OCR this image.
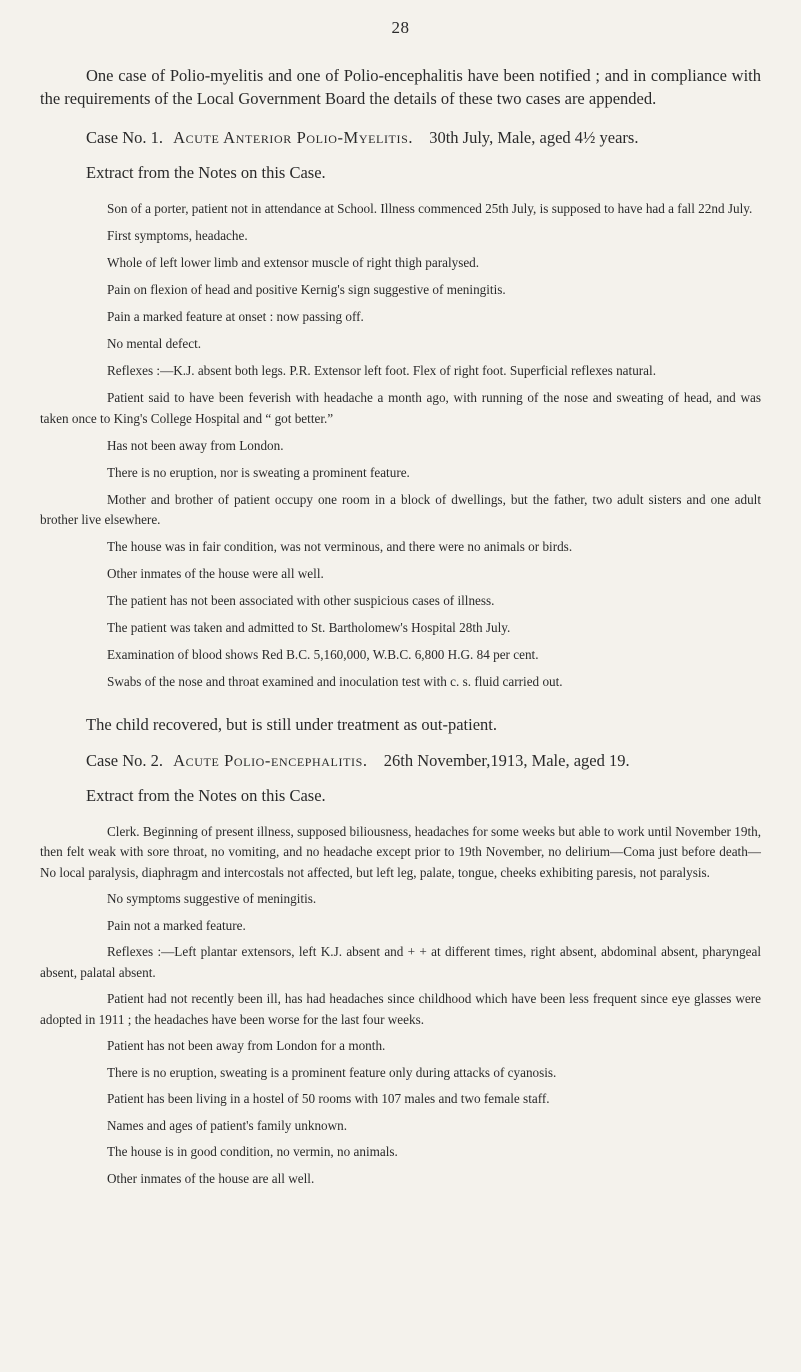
28

One case of Polio-myelitis and one of Polio-encephalitis have been notified ; and in compliance with the requirements of the Local Government Board the details of these two cases are appended.

Case No. 1. Acute Anterior Polio-Myelitis. 30th July, Male, aged 4½ years.
Extract from the Notes on this Case.

Son of a porter, patient not in attendance at School. Illness commenced 25th July, is supposed to have had a fall 22nd July.

First symptoms, headache.

Whole of left lower limb and extensor muscle of right thigh paralysed.

Pain on flexion of head and positive Kernig's sign suggestive of meningitis.

Pain a marked feature at onset : now passing off.

No mental defect.

Reflexes :—K.J. absent both legs. P.R. Extensor left foot. Flex of right foot. Superficial reflexes natural.

Patient said to have been feverish with headache a month ago, with running of the nose and sweating of head, and was taken once to King's College Hospital and “ got better.”

Has not been away from London.

There is no eruption, nor is sweating a prominent feature.

Mother and brother of patient occupy one room in a block of dwellings, but the father, two adult sisters and one adult brother live elsewhere.

The house was in fair condition, was not verminous, and there were no animals or birds.

Other inmates of the house were all well.

The patient has not been associated with other suspicious cases of illness.

The patient was taken and admitted to St. Bartholomew's Hospital 28th July.

Examination of blood shows Red B.C. 5,160,000, W.B.C. 6,800 H.G. 84 per cent.

Swabs of the nose and throat examined and inoculation test with c. s. fluid carried out.

The child recovered, but is still under treatment as out-patient.
Case No. 2. Acute Polio-encephalitis. 26th November,1913, Male, aged 19.
Extract from the Notes on this Case.

Clerk. Beginning of present illness, supposed biliousness, headaches for some weeks but able to work until November 19th, then felt weak with sore throat, no vomiting, and no headache except prior to 19th November, no delirium—Coma just before death—No local paralysis, diaphragm and intercostals not affected, but left leg, palate, tongue, cheeks exhibiting paresis, not paralysis.

No symptoms suggestive of meningitis.

Pain not a marked feature.

Reflexes :—Left plantar extensors, left K.J. absent and + + at different times, right absent, abdominal absent, pharyngeal absent, palatal absent.

Patient had not recently been ill, has had headaches since childhood which have been less frequent since eye glasses were adopted in 1911 ; the headaches have been worse for the last four weeks.

Patient has not been away from London for a month.

There is no eruption, sweating is a prominent feature only during attacks of cyanosis.

Patient has been living in a hostel of 50 rooms with 107 males and two female staff.

Names and ages of patient's family unknown.

The house is in good condition, no vermin, no animals.

Other inmates of the house are all well.
